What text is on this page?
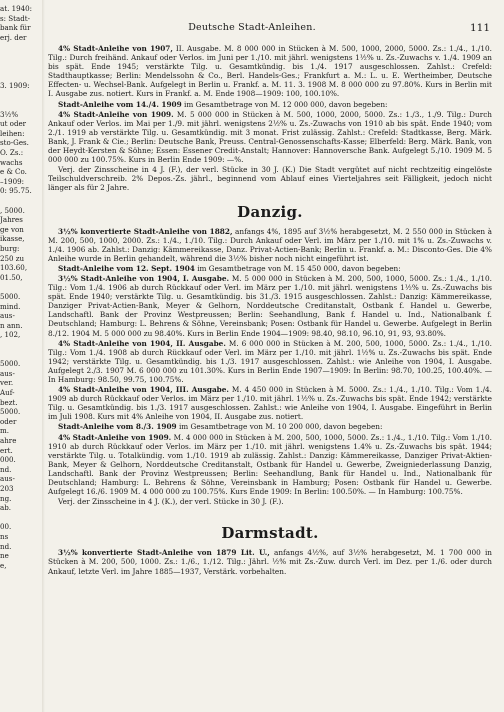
Deutsche Stadt-Anleihen.	111
at. 1940:
s: Stadt-
bank für
erj. der
3. 1909:
3½%
ut oder
leihen:
sto-Ges.
O. Zs.:
wachs
e & Co.
–1909:
0: 95.75.
, 5000.
Jahres
ge von
ikasse,
burg:
250 zu
103.60,
01.50,
5000.
mind.
aus-
n ann.
, 102,
5000.
aus-
ver.
Auf-
bezt.
5000.
oder
m.
ahre
ert.
000.
nd.
aus-
203
ng.
ab.
00.
ns
nd.
ne
e,

4% Stadt-Anleihe von 1907, II. Ausgabe. M. 8 000 000 in Stücken à M. 500, 1000, 2000, 5000. Zs.: 1./4., 1./10. Tilg.: Durch freihänd. Ankauf oder Verlos. im Juni per 1./10. mit jährl. wenigstens 1½% u. Zs.-Zuwachs v. 1./4. 1909 an bis spät. Ende 1945; verstärkte Tilg. u. Gesamtkündig. bis 1./4. 1917 ausgeschlossen. Zahlst.: Crefeld: Stadthauptkasse; Berlin: Mendelssohn & Co., Berl. Handels-Ges.; Frankfurt a. M.: L. u. E. Wertheimber, Deutsche Effecten- u. Wechsel-Bank. Aufgelegt in Berlin u. Frankf. a. M. 11. 3. 1908 M. 8 000 000 zu 97.80%. Kurs in Berlin mit I. Ausgabe zus. notiert. Kurs in Frankf. a. M. Ende 1908—1909: 100, 100.10%.

Stadt-Anleihe vom 14./4. 1909 im Gesamtbetrage von M. 12 000 000, davon begeben:

4% Stadt-Anleihe von 1909. M. 5 000 000 in Stücken à M. 500, 1000, 2000, 5000. Zs.: 1./3., 1./9. Tilg.: Durch Ankauf oder Verlos. im Mai per 1./9. mit jährl. wenigstens 2½% u. Zs.-Zuwachs von 1910 ab bis spät. Ende 1940; vom 2./1. 1919 ab verstärkte Tilg. u. Gesamtkündig. mit 3 monat. Frist zulässig. Zahlst.: Crefeld: Stadtkasse, Berg. Märk. Bank, J. Frank & Cie.; Berlin: Deutsche Bank, Preuss. Central-Genossenschafts-Kasse; Elberfeld: Berg. Märk. Bank, von der Heydt-Kersten & Söhne; Essen: Essener Credit-Anstalt; Hannover: Hannoversche Bank. Aufgelegt 5./10. 1909 M. 5 000 000 zu 100.75%. Kurs in Berlin Ende 1909: —%.

Verj. der Zinsscheine in 4 J. (F.), der verl. Stücke in 30 J. (K.) Die Stadt vergütet auf nicht rechtzeitig eingelöste Teilschuldverschreib. 2% Depos.-Zs. jährl., beginnend vom Ablauf eines Vierteljahres seit Fälligkeit, jedoch nicht länger als für 2 Jahre.

Danzig.

3½% konvertierte Stadt-Anleihe von 1882, anfangs 4%, 1895 auf 3½% herabgesetzt, M. 2 550 000 in Stücken à M. 200, 500, 1000, 2000. Zs.: 1./4., 1./10. Tilg.: Durch Ankauf oder Verl. im März per 1./10. mit 1% u. Zs.-Zuwachs v. 1./4. 1906 ab. Zahlst.: Danzig: Kämmereikasse, Danz. Privat-Actien-Bank; Berlin u. Frankf. a. M.: Disconto-Ges. Die 4% Anleihe wurde in Berlin gehandelt, während die 3½% bisher noch nicht eingeführt ist.

Stadt-Anleihe vom 12. Sept. 1904 im Gesamtbetrage von M. 15 450 000, davon begeben:

3½% Stadt-Anleihe von 1904, I. Ausgabe. M. 5 000 000 in Stücken à M. 200, 500, 1000, 5000. Zs.: 1./4., 1./10. Tilg.: Vom 1./4. 1906 ab durch Rückkauf oder Verl. im März per 1./10. mit jährl. wenigstens 1½% u. Zs.-Zuwachs bis spät. Ende 1940; verstärkte Tilg. u. Gesamtkündig. bis 31./3. 1915 ausgeschlossen. Zahlst.: Danzig: Kämmereikasse, Danziger Privat-Actien-Bank, Meyer & Gelhorn, Norddeutsche Creditanstalt, Ostbank f. Handel u. Gewerbe, Landschaftl. Bank der Provinz Westpreussen; Berlin: Seehandlung, Bank f. Handel u. Ind., Nationalbank f. Deutschland; Hamburg: L. Behrens & Söhne, Vereinsbank; Posen: Ostbank für Handel u. Gewerbe. Aufgelegt in Berlin 8./12. 1904 M. 5 000 000 zu 98.40%. Kurs in Berlin Ende 1904—1909: 98.40, 98.10, 96.10, 91, 93, 93.80%.

4% Stadt-Anleihe von 1904, II. Ausgabe. M. 6 000 000 in Stücken à M. 200, 500, 1000, 5000. Zs.: 1./4., 1./10. Tilg.: Vom 1./4. 1908 ab durch Rückkauf oder Verl. im März per 1./10. mit jährl. 1½% u. Zs.-Zuwachs bis spät. Ende 1942; verstärkte Tilg. u. Gesamtkündig. bis 1./3. 1917 ausgeschlossen. Zahlst.: wie Anleihe von 1904, I. Ausgabe. Aufgelegt 2./3. 1907 M. 6 000 000 zu 101.30%. Kurs in Berlin Ende 1907—1909: In Berlin: 98.70, 100.25, 100.40%. — In Hamburg: 98.50, 99.75, 100.75%.

4% Stadt-Anleihe von 1904, III. Ausgabe. M. 4 450 000 in Stücken à M. 5000. Zs.: 1./4., 1./10. Tilg.: Vom 1./4. 1909 ab durch Rückkauf oder Verlos. im März per 1./10. mit jährl. 1½% u. Zs.-Zuwachs bis spät. Ende 1942; verstärkte Tilg. u. Gesamtkündig. bis 1./3. 1917 ausgeschlossen. Zahlst.: wie Anleihe von 1904, I. Ausgabe. Eingeführt in Berlin im Juli 1908. Kurs mit 4% Anleihe von 1904, II. Ausgabe zus. notiert.

Stadt-Anleihe vom 8./3. 1909 im Gesamtbetrage von M. 10 200 000, davon begeben:

4% Stadt-Anleihe von 1909. M. 4 000 000 in Stücken à M. 200, 500, 1000, 5000. Zs.: 1./4., 1./10. Tilg.: Vom 1./10. 1910 ab durch Rückkauf oder Verlos. im März per 1./10. mit jährl. wenigstens 1.4% u. Zs.-Zuwachs bis spät. 1944; verstärkte Tilg. u. Totalkündig. vom 1./10. 1919 ab zulässig. Zahlst.: Danzig: Kämmereikasse, Danziger Privat-Aktien-Bank, Meyer & Gelhorn, Norddeutsche Creditanstalt, Ostbank für Handel u. Gewerbe, Zweigniederlassung Danzig, Landschaftl. Bank der Provinz Westpreussen; Berlin: Seehandlung, Bank für Handel u. Ind., Nationalbank für Deutschland; Hamburg: L. Behrens & Söhne, Vereinsbank in Hamburg; Posen: Ostbank für Handel u. Gewerbe. Aufgelegt 16./6. 1909 M. 4 000 000 zu 100.75%. Kurs Ende 1909: In Berlin: 100.50%. — In Hamburg: 100.75%.

Verj. der Zinsscheine in 4 J. (K.), der verl. Stücke in 30 J. (F.).

Darmstadt.

3½% konvertierte Stadt-Anleihe von 1879 Lit. U., anfangs 4½%, auf 3½% herabgesetzt, M. 1 700 000 in Stücken à M. 200, 500, 1000. Zs.: 1./6., 1./12. Tilg.: Jährl. ½% mit Zs.-Zuw. durch Verl. im Dez. per 1./6. oder durch Ankauf, letzte Verl. im Jahre 1885—1937, Verstärk. vorbehalten.
